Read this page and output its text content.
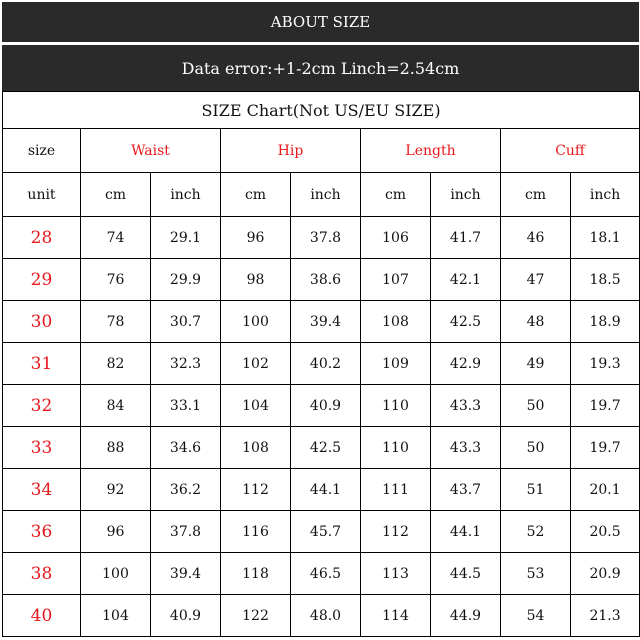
ABOUT SIZE
Data error:+1-2cm Linch=2.54cm
SIZE Chart(Not US/EU SIZE)								
size	Waist		Hip		Length		Cuff	
unit	cm	inch	cm	inch	cm	inch	cm	inch
28	74	29.1	96	37.8	106	41.7	46	18.1
29	76	29.9	98	38.6	107	42.1	47	18.5
30	78	30.7	100	39.4	108	42.5	48	18.9
31	82	32.3	102	40.2	109	42.9	49	19.3
32	84	33.1	104	40.9	110	43.3	50	19.7
33	88	34.6	108	42.5	110	43.3	50	19.7
34	92	36.2	112	44.1	111	43.7	51	20.1
36	96	37.8	116	45.7	112	44.1	52	20.5
38	100	39.4	118	46.5	113	44.5	53	20.9
40	104	40.9	122	48.0	114	44.9	54	21.3
